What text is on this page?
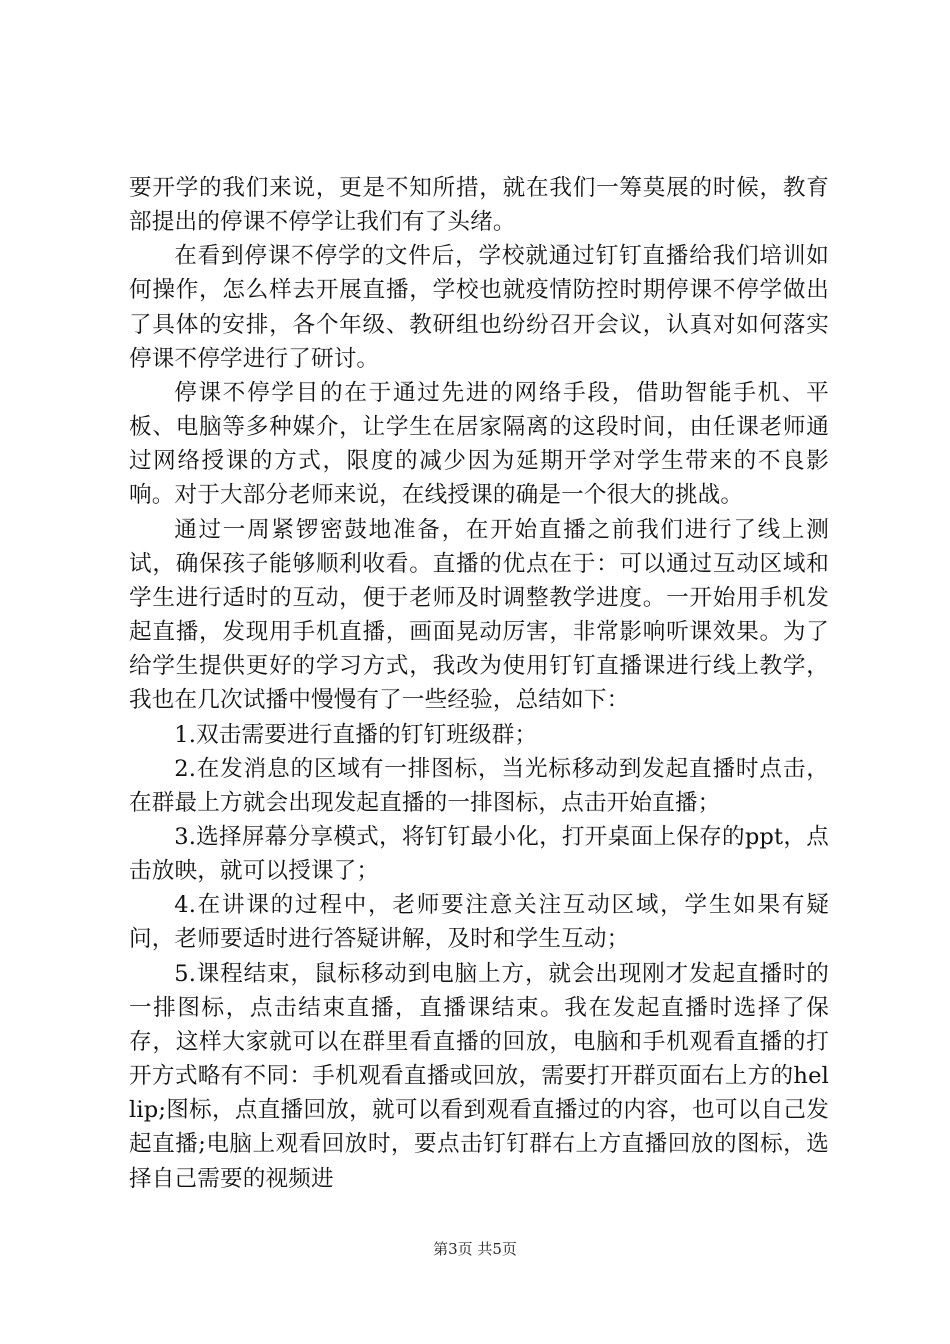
要开学的我们来说，更是不知所措，就在我们一筹莫展的时候，教育部提出的停课不停学让我们有了头绪。

在看到停课不停学的文件后，学校就通过钉钉直播给我们培训如何操作，怎么样去开展直播，学校也就疫情防控时期停课不停学做出了具体的安排，各个年级、教研组也纷纷召开会议，认真对如何落实停课不停学进行了研讨。

停课不停学目的在于通过先进的网络手段，借助智能手机、平板、电脑等多种媒介，让学生在居家隔离的这段时间，由任课老师通过网络授课的方式，限度的减少因为延期开学对学生带来的不良影响。对于大部分老师来说，在线授课的确是一个很大的挑战。

通过一周紧锣密鼓地准备，在开始直播之前我们进行了线上测试，确保孩子能够顺利收看。直播的优点在于：可以通过互动区域和学生进行适时的互动，便于老师及时调整教学进度。一开始用手机发起直播，发现用手机直播，画面晃动厉害，非常影响听课效果。为了给学生提供更好的学习方式，我改为使用钉钉直播课进行线上教学，我也在几次试播中慢慢有了一些经验，总结如下：

1.双击需要进行直播的钉钉班级群；

2.在发消息的区域有一排图标，当光标移动到发起直播时点击，在群最上方就会出现发起直播的一排图标，点击开始直播；

3.选择屏幕分享模式，将钉钉最小化，打开桌面上保存的ppt，点击放映，就可以授课了；

4.在讲课的过程中，老师要注意关注互动区域，学生如果有疑问，老师要适时进行答疑讲解，及时和学生互动；

5.课程结束，鼠标移动到电脑上方，就会出现刚才发起直播时的一排图标，点击结束直播，直播课结束。我在发起直播时选择了保存，这样大家就可以在群里看直播的回放，电脑和手机观看直播的打开方式略有不同：手机观看直播或回放，需要打开群页面右上方的hellip;图标，点直播回放，就可以看到观看直播过的内容，也可以自己发起直播;电脑上观看回放时，要点击钉钉群右上方直播回放的图标，选择自己需要的视频进

第3页 共5页
